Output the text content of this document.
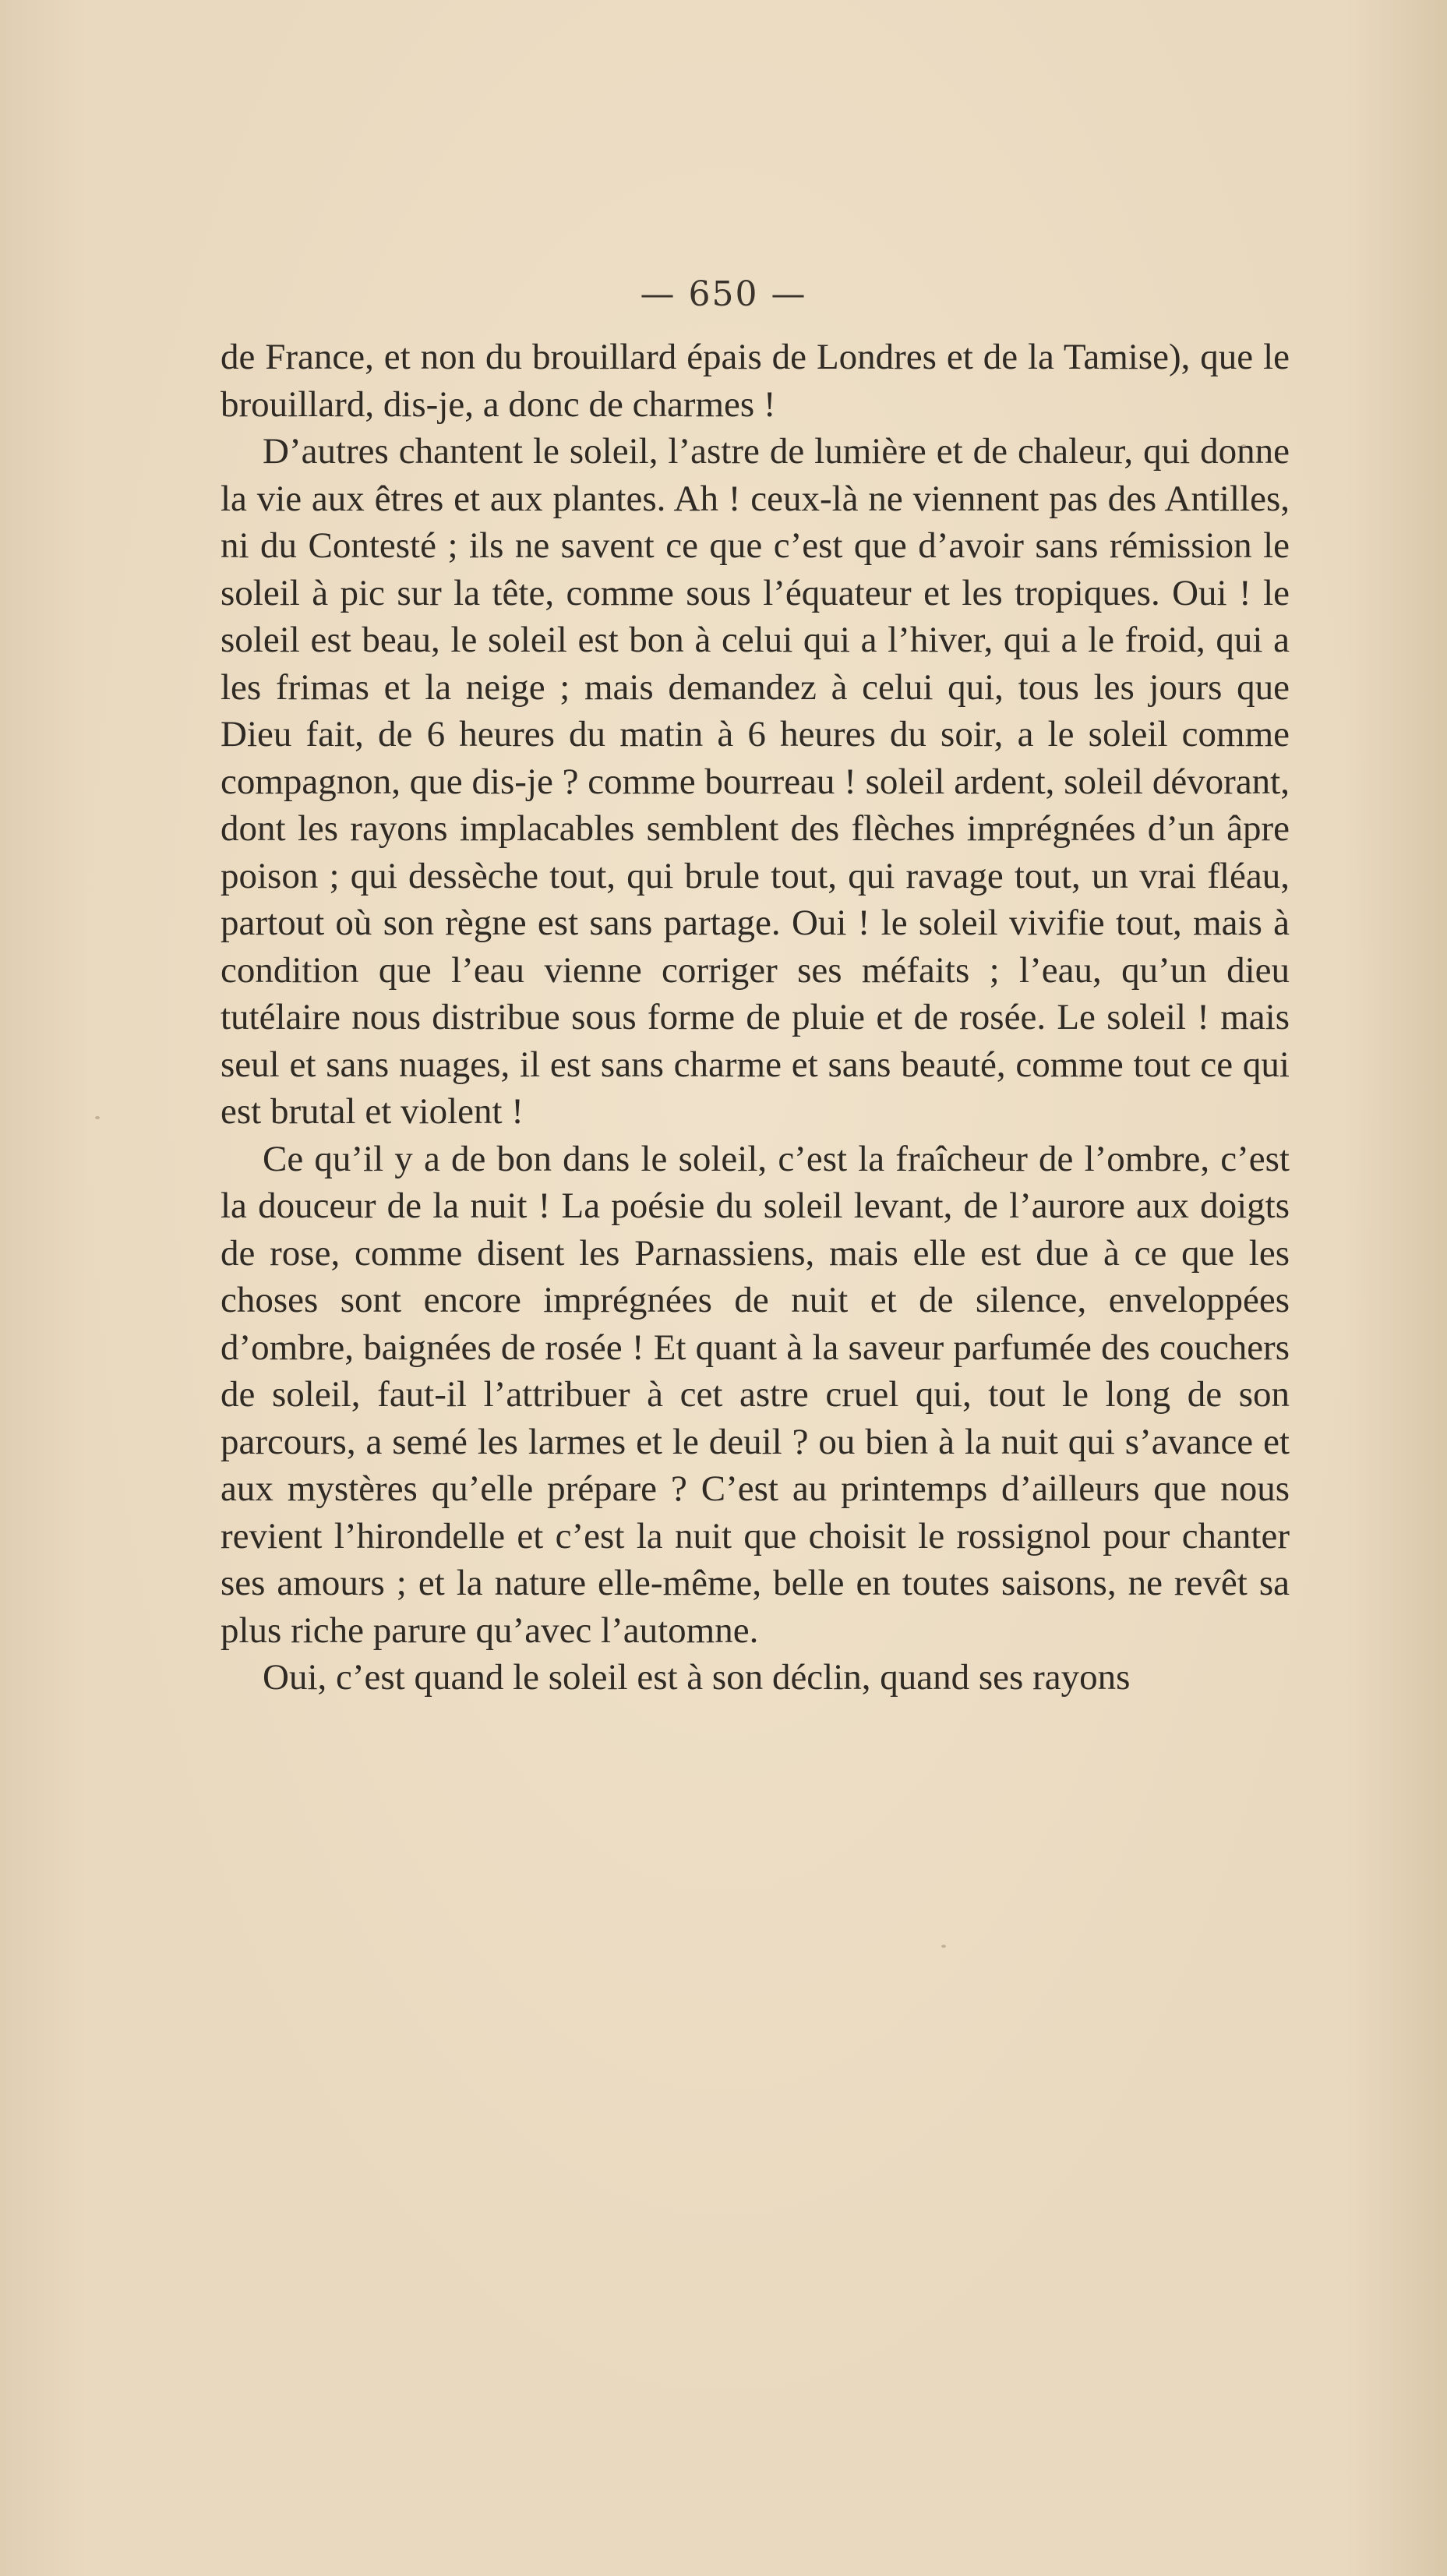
— 650 —

de France, et non du brouillard épais de Londres et de la Tamise), que le brouillard, dis-je, a donc de charmes !

D’autres chantent le soleil, l’astre de lumière et de chaleur, qui donne la vie aux êtres et aux plantes. Ah ! ceux-là ne viennent pas des Antilles, ni du Contesté ; ils ne savent ce que c’est que d’avoir sans rémission le soleil à pic sur la tête, comme sous l’équateur et les tropiques. Oui ! le soleil est beau, le soleil est bon à celui qui a l’hiver, qui a le froid, qui a les frimas et la neige ; mais demandez à celui qui, tous les jours que Dieu fait, de 6 heures du matin à 6 heures du soir, a le soleil comme compagnon, que dis-je ? comme bourreau ! soleil ardent, soleil dévorant, dont les rayons implacables semblent des flèches imprégnées d’un âpre poison ; qui dessèche tout, qui brule tout, qui ravage tout, un vrai fléau, partout où son règne est sans partage. Oui ! le soleil vivifie tout, mais à condition que l’eau vienne corriger ses méfaits ; l’eau, qu’un dieu tutélaire nous distribue sous forme de pluie et de rosée. Le soleil ! mais seul et sans nuages, il est sans charme et sans beauté, comme tout ce qui est brutal et violent !

Ce qu’il y a de bon dans le soleil, c’est la fraîcheur de l’ombre, c’est la douceur de la nuit ! La poésie du soleil levant, de l’aurore aux doigts de rose, comme disent les Parnassiens, mais elle est due à ce que les choses sont encore imprégnées de nuit et de silence, enveloppées d’ombre, baignées de rosée ! Et quant à la saveur parfumée des couchers de soleil, faut-il l’attribuer à cet astre cruel qui, tout le long de son parcours, a semé les larmes et le deuil ? ou bien à la nuit qui s’avance et aux mystères qu’elle prépare ? C’est au printemps d’ailleurs que nous revient l’hirondelle et c’est la nuit que choisit le rossignol pour chanter ses amours ; et la nature elle-même, belle en toutes saisons, ne revêt sa plus riche parure qu’avec l’automne.

Oui, c’est quand le soleil est à son déclin, quand ses rayons
